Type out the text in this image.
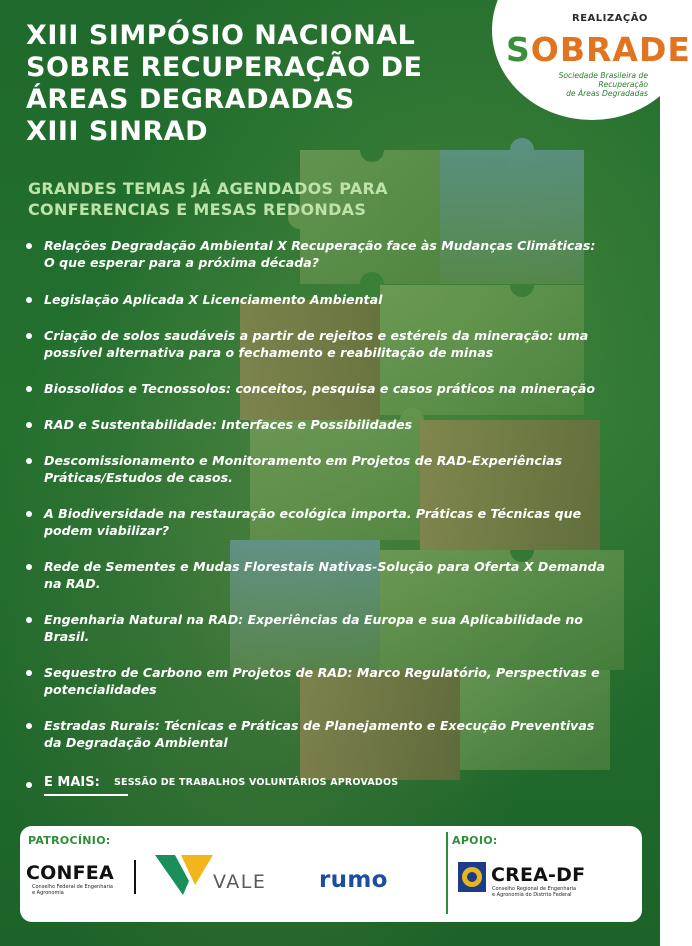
REALIZAÇÃO
SOBRADE
Sociedade Brasileira de Recuperação
de Áreas Degradadas
XIII SIMPÓSIO NACIONAL
SOBRE RECUPERAÇÃO DE
ÁREAS DEGRADADAS
XIII SINRAD
GRANDES TEMAS JÁ AGENDADOS PARA
CONFERENCIAS E MESAS REDONDAS
Relações Degradação Ambiental X Recuperação face às Mudanças Climáticas:
O que esperar para a próxima década?
Legislação Aplicada X Licenciamento Ambiental
Criação de solos saudáveis a partir de rejeitos e estéreis da mineração: uma
possível alternativa para o fechamento e reabilitação de minas
Biossolidos e Tecnossolos: conceitos, pesquisa e casos práticos na mineração
RAD e Sustentabilidade: Interfaces e Possibilidades
Descomissionamento e Monitoramento em Projetos de RAD-Experiências
Práticas/Estudos de casos.
A Biodiversidade na restauração ecológica importa. Práticas e Técnicas que
podem viabilizar?
Rede de Sementes e Mudas Florestais Nativas-Solução para Oferta X Demanda
na RAD.
Engenharia Natural na RAD: Experiências da Europa e sua Aplicabilidade no
Brasil.
Sequestro de Carbono em Projetos de RAD: Marco Regulatório, Perspectivas e
potencialidades
Estradas Rurais: Técnicas e Práticas de Planejamento e Execução Preventivas
da Degradação Ambiental
E MAIS: SESSÃO DE TRABALHOS VOLUNTÁRIOS APROVADOS
PATROCÍNIO:	APOIO:
CONFEA
Conselho Federal de Engenharia
e Agronomia	VALE rumo	CREA-DF
Conselho Regional de Engenharia
e Agronomia do Distrito Federal
